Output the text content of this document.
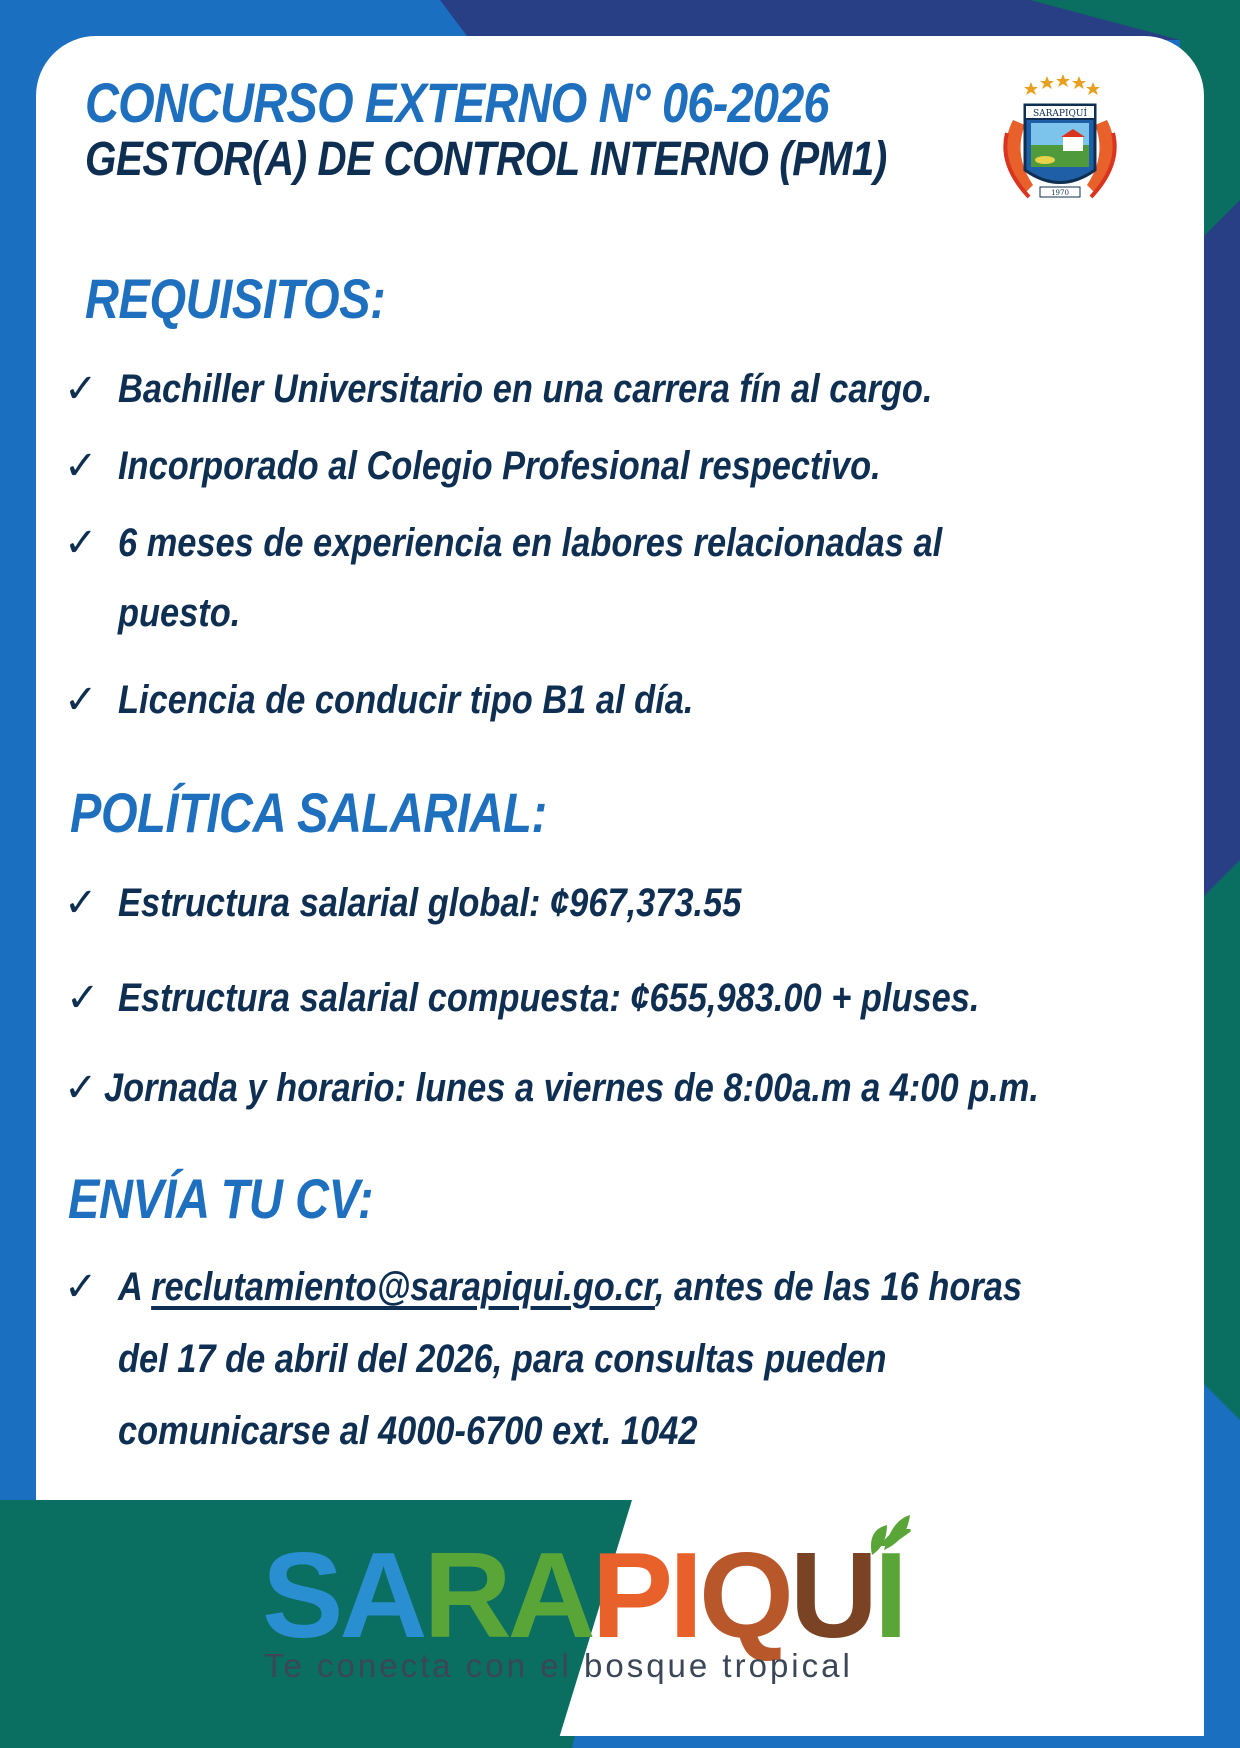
CONCURSO EXTERNO N° 06-2026
GESTOR(A) DE CONTROL INTERNO (PM1)
SARAPIQUÍ
1970
REQUISITOS:
✓ Bachiller Universitario en una carrera fín al cargo.
✓ Incorporado al Colegio Profesional respectivo.
✓ 6 meses de experiencia en labores relacionadas al
puesto.
✓ Licencia de conducir tipo B1 al día.
POLÍTICA SALARIAL:
✓ Estructura salarial global: ¢967,373.55
✓ Estructura salarial compuesta: ¢655,983.00 + pluses.
✓ Jornada y horario: lunes a viernes de 8:00a.m a 4:00 p.m.
ENVÍA TU CV:
✓ A reclutamiento@sarapiqui.go.cr, antes de las 16 horas
del 17 de abril del 2026, para consultas pueden
comunicarse al 4000-6700 ext. 1042
SARAPIQUÍ
Te conecta con el bosque tropical
